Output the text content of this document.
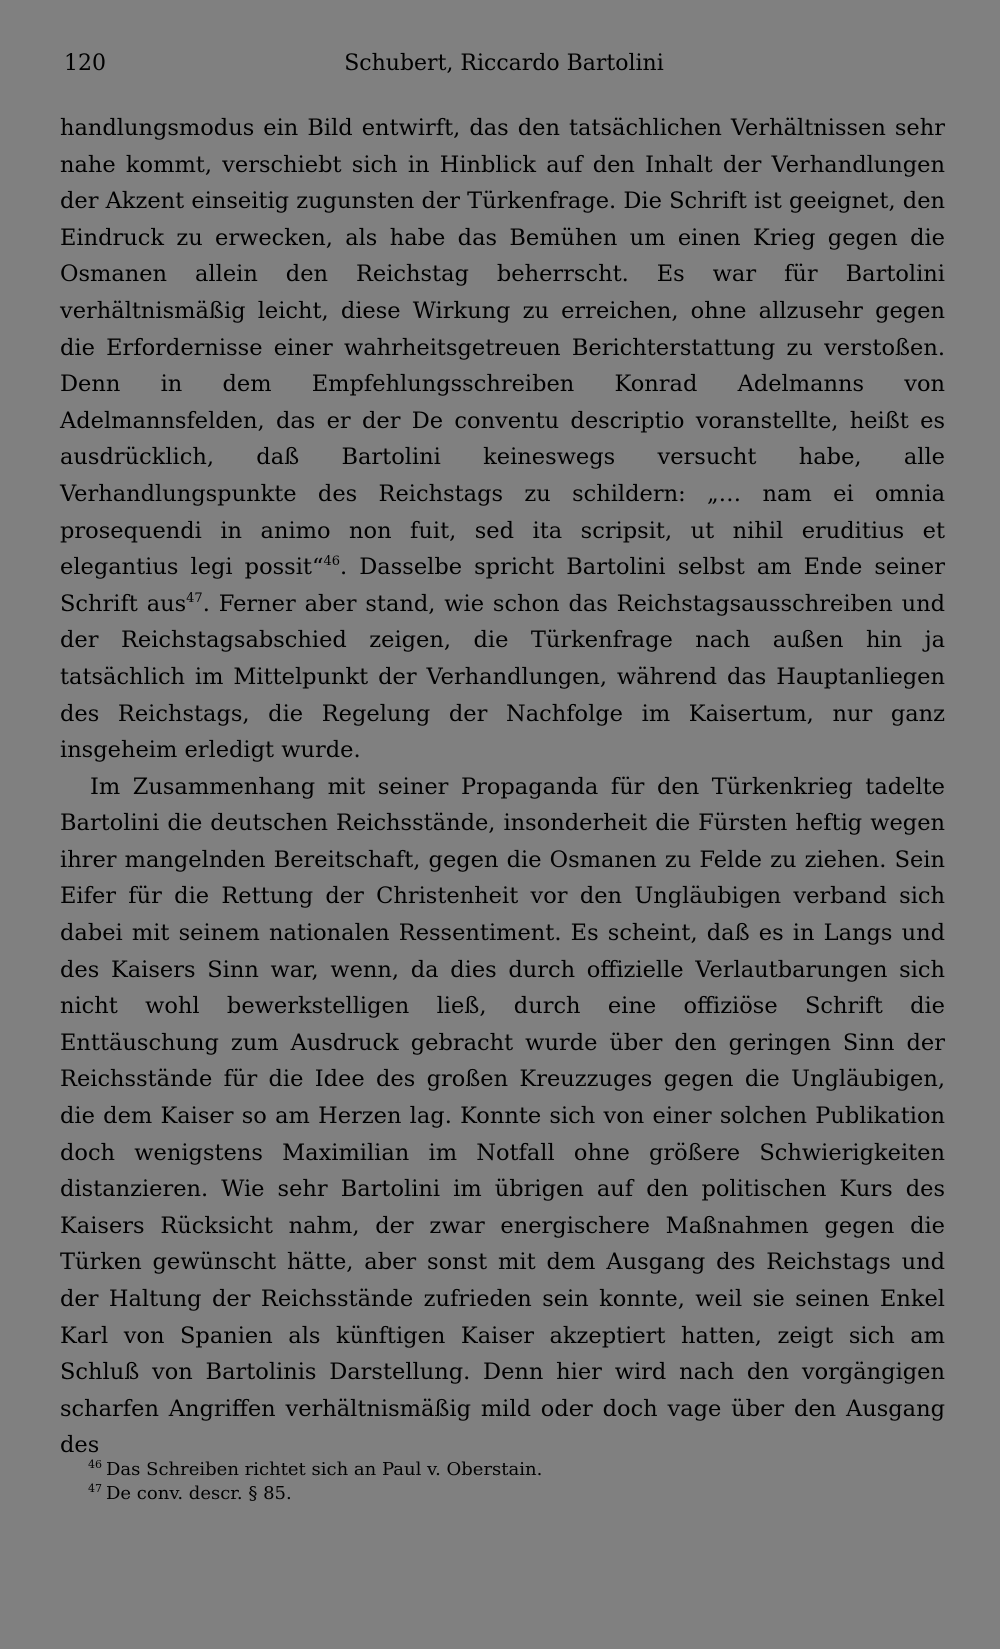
120	Schubert, Riccardo Bartolini

handlungsmodus ein Bild entwirft, das den tatsächlichen Verhältnissen sehr nahe kommt, verschiebt sich in Hinblick auf den Inhalt der Verhandlungen der Akzent einseitig zugunsten der Türkenfrage. Die Schrift ist geeignet, den Eindruck zu erwecken, als habe das Bemühen um einen Krieg gegen die Osmanen allein den Reichstag beherrscht. Es war für Bartolini verhältnismäßig leicht, diese Wirkung zu erreichen, ohne allzusehr gegen die Erfordernisse einer wahrheitsgetreuen Berichterstattung zu verstoßen. Denn in dem Empfehlungsschreiben Konrad Adelmanns von Adelmannsfelden, das er der De conventu descriptio voranstellte, heißt es ausdrücklich, daß Bartolini keineswegs versucht habe, alle Verhandlungspunkte des Reichstags zu schildern: „… nam ei omnia prosequendi in animo non fuit, sed ita scripsit, ut nihil eruditius et elegantius legi possit“$^{46}$. Dasselbe spricht Bartolini selbst am Ende seiner Schrift aus$^{47}$. Ferner aber stand, wie schon das Reichstagsausschreiben und der Reichstagsabschied zeigen, die Türkenfrage nach außen hin ja tatsächlich im Mittelpunkt der Verhandlungen, während das Hauptanliegen des Reichstags, die Regelung der Nachfolge im Kaisertum, nur ganz insgeheim erledigt wurde.

Im Zusammenhang mit seiner Propaganda für den Türkenkrieg tadelte Bartolini die deutschen Reichsstände, insonderheit die Fürsten heftig wegen ihrer mangelnden Bereitschaft, gegen die Osmanen zu Felde zu ziehen. Sein Eifer für die Rettung der Christenheit vor den Ungläubigen verband sich dabei mit seinem nationalen Ressentiment. Es scheint, daß es in Langs und des Kaisers Sinn war, wenn, da dies durch offizielle Verlautbarungen sich nicht wohl bewerkstelligen ließ, durch eine offiziöse Schrift die Enttäuschung zum Ausdruck gebracht wurde über den geringen Sinn der Reichsstände für die Idee des großen Kreuzzuges gegen die Ungläubigen, die dem Kaiser so am Herzen lag. Konnte sich von einer solchen Publikation doch wenigstens Maximilian im Notfall ohne größere Schwierigkeiten distanzieren. Wie sehr Bartolini im übrigen auf den politischen Kurs des Kaisers Rücksicht nahm, der zwar energischere Maßnahmen gegen die Türken gewünscht hätte, aber sonst mit dem Ausgang des Reichstags und der Haltung der Reichsstände zufrieden sein konnte, weil sie seinen Enkel Karl von Spanien als künftigen Kaiser akzeptiert hatten, zeigt sich am Schluß von Bartolinis Darstellung. Denn hier wird nach den vorgängigen scharfen Angriffen verhältnismäßig mild oder doch vage über den Ausgang des

$^{46}$ Das Schreiben richtet sich an Paul v. Oberstain.
$^{47}$ De conv. descr. § 85.
